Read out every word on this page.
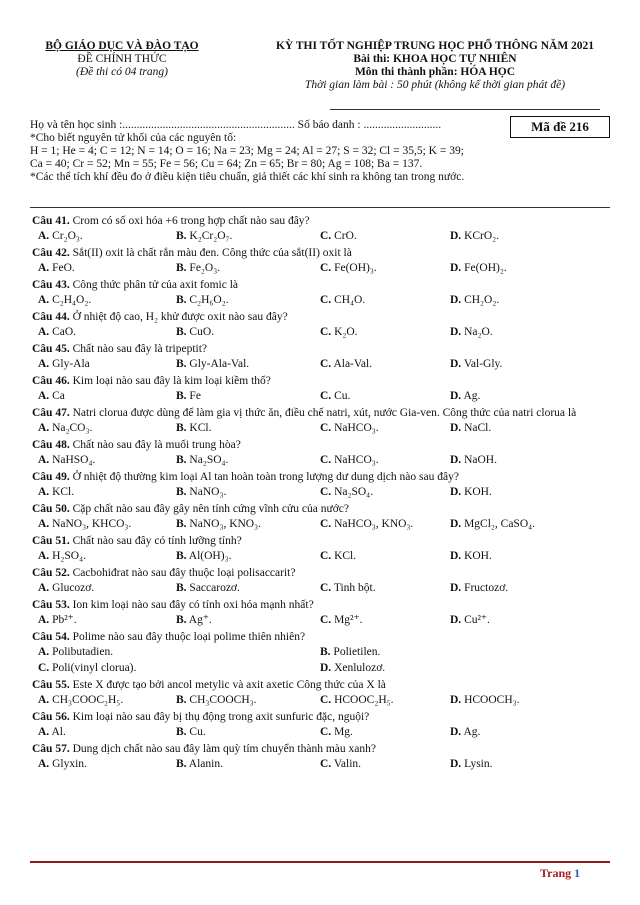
BỘ GIÁO DỤC VÀ ĐÀO TẠO
ĐỀ CHÍNH THỨC
(Đề thi có 04 trang)
KỲ THI TỐT NGHIỆP TRUNG HỌC PHỔ THÔNG NĂM 2021
Bài thi: KHOA HỌC TỰ NHIÊN
Môn thi thành phần: HÓA HỌC
Thời gian làm bài : 50 phút (không kể thời gian phát đề)
Họ và tên học sinh :............................................................ Số báo danh : ...........................
*Cho biết nguyên tử khối của các nguyên tố:
H = 1; He = 4; C = 12; N = 14; O = 16; Na = 23; Mg = 24; Al = 27; S = 32; Cl = 35,5; K = 39;
Ca = 40; Cr = 52; Mn = 55; Fe = 56; Cu = 64; Zn = 65; Br = 80; Ag = 108; Ba = 137.
*Các thể tích khí đều đo ở điều kiện tiêu chuẩn, giả thiết các khí sinh ra không tan trong nước.
Mã đề 216
Câu 41. Crom có số oxi hóa +6 trong hợp chất nào sau đây?
A. Cr₂O₃.	B. K₂Cr₂O₇.	C. CrO.	D. KCrO₂.
Câu 42. Sắt(II) oxit là chất rắn màu đen. Công thức của sắt(II) oxit là
A. FeO.	B. Fe₂O₃.	C. Fe(OH)₃.	D. Fe(OH)₂.
Câu 43. Công thức phân tử của axit fomic là
A. C₂H₄O₂.	B. C₂H₆O₂.	C. CH₄O.	D. CH₂O₂.
Câu 44. Ở nhiệt độ cao, H₂ khử được oxit nào sau đây?
A. CaO.	B. CuO.	C. K₂O.	D. Na₂O.
Câu 45. Chất nào sau đây là tripeptit?
A. Gly-Ala	B. Gly-Ala-Val.	C. Ala-Val.	D. Val-Gly.
Câu 46. Kim loại nào sau đây là kim loại kiềm thổ?
A. Ca	B. Fe	C. Cu.	D. Ag.
Câu 47. Natri clorua được dùng để làm gia vị thức ăn, điều chế natri, xút, nước Gia-ven. Công thức của natri clorua là
A. Na₂CO₃.	B. KCl.	C. NaHCO₃.	D. NaCl.
Câu 48. Chất nào sau đây là muối trung hòa?
A. NaHSO₄.	B. Na₂SO₄.	C. NaHCO₃.	D. NaOH.
Câu 49. Ở nhiệt độ thường kim loại Al tan hoàn toàn trong lượng dư dung dịch nào sau đây?
A. KCl.	B. NaNO₃.	C. Na₂SO₄.	D. KOH.
Câu 50. Cặp chất nào sau đây gây nên tính cứng vĩnh cửu của nước?
A. NaNO₃, KHCO₃.	B. NaNO₃, KNO₃.	C. NaHCO₃, KNO₃.	D. MgCl₂, CaSO₄.
Câu 51. Chất nào sau đây có tính lưỡng tính?
A. H₂SO₄.	B. Al(OH)₃.	C. KCl.	D. KOH.
Câu 52. Cacbohiđrat nào sau đây thuộc loại polisaccarit?
A. Glucozơ.	B. Saccarozơ.	C. Tinh bột.	D. Fructozơ.
Câu 53. Ion kim loại nào sau đây có tính oxi hóa mạnh nhất?
A. Pb²⁺.	B. Ag⁺.	C. Mg²⁺.	D. Cu²⁺.
Câu 54. Polime nào sau đây thuộc loại polime thiên nhiên?
A. Polibutadien.	B. Polietilen.
C. Poli(vinyl clorua).	D. Xenlulozơ.
Câu 55. Este X được tạo bởi ancol metylic và axit axetic Công thức của X là
A. CH₃COOC₂H₅.	B. CH₃COOCH₃.	C. HCOOC₂H₅.	D. HCOOCH₃.
Câu 56. Kim loại nào sau đây bị thụ động trong axit sunfuric đặc, nguội?
A. Al.	B. Cu.	C. Mg.	D. Ag.
Câu 57. Dung dịch chất nào sau đây làm quỳ tím chuyển thành màu xanh?
A. Glyxin.	B. Alanin.	C. Valin.	D. Lysin.
Trang 1
